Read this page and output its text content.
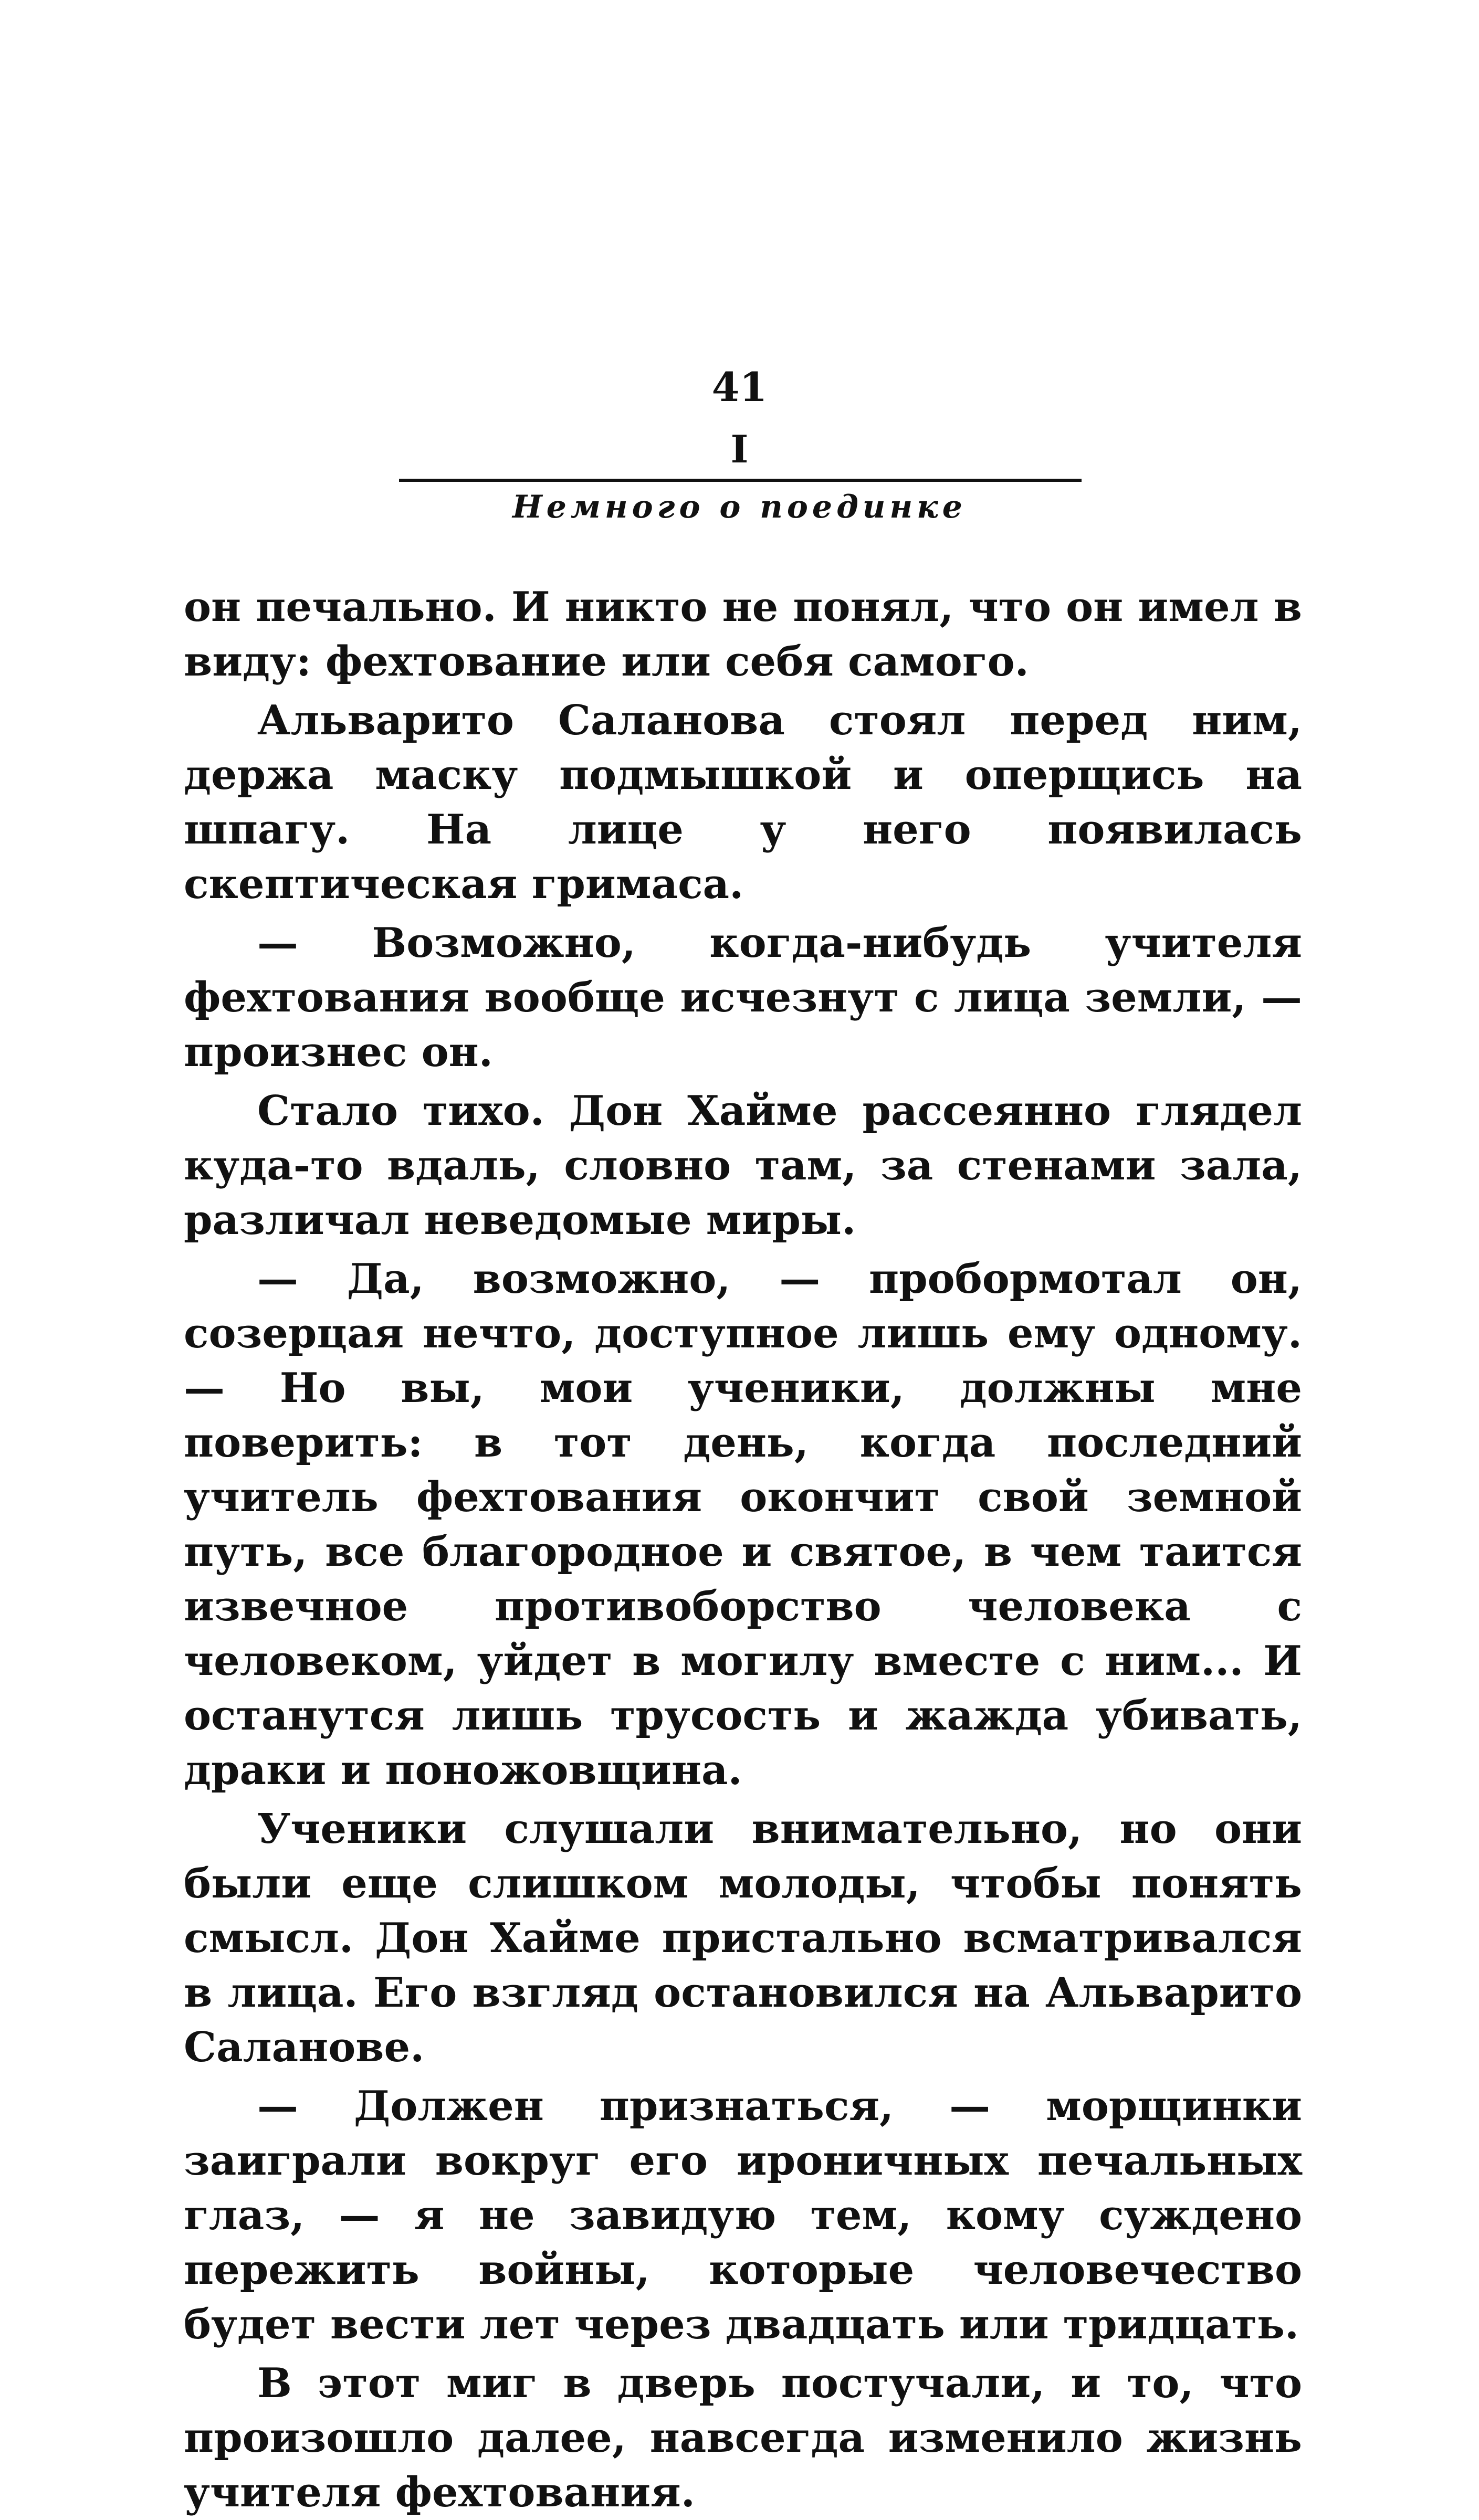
41
I
Немного о поединке

он печально. И никто не понял, что он имел в виду: фехтование или себя самого.

Альварито Саланова стоял перед ним, держа маску подмышкой и оперщись на шпагу. На лице у него появилась скептическая гримаса.

— Возможно, когда-нибудь учителя фехтования вообще исчезнут с лица земли, — произнес он.

Стало тихо. Дон Хайме рассеянно глядел куда-то вдаль, словно там, за стенами зала, различал неведомые миры.

— Да, возможно, — пробормотал он, созерцая нечто, доступное лишь ему одному. — Но вы, мои ученики, должны мне поверить: в тот день, когда последний учитель фехтования окончит свой земной путь, все благородное и святое, в чем таится извечное противоборство человека с человеком, уйдет в могилу вместе с ним... И останутся лишь трусость и жажда убивать, драки и поножовщина.

Ученики слушали внимательно, но они были еще слишком молоды, чтобы понять смысл. Дон Хайме пристально всматривался в лица. Его взгляд остановился на Альварито Саланове.

— Должен признаться, — морщинки заиграли вокруг его ироничных печальных глаз, — я не завидую тем, кому суждено пережить войны, которые человечество будет вести лет через двадцать или тридцать.

В этот миг в дверь постучали, и то, что произошло далее, навсегда изменило жизнь учителя фехтования.
